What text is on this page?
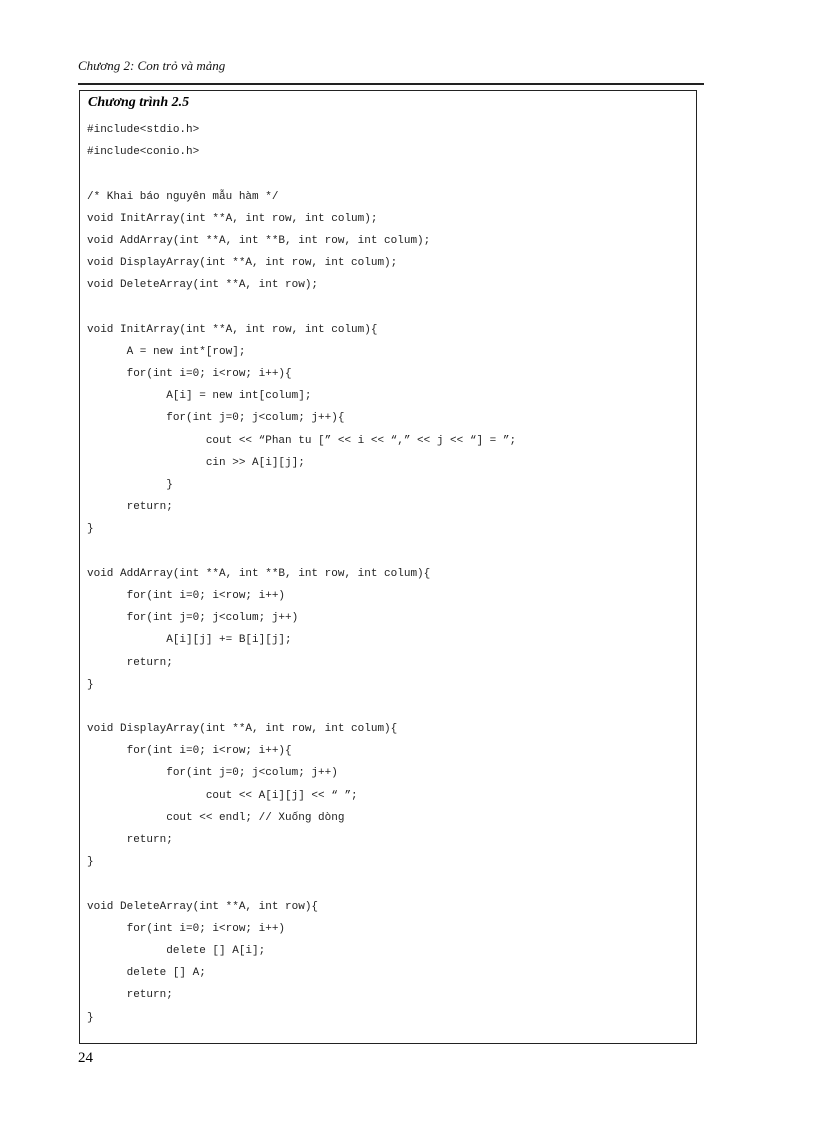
Chương 2: Con trỏ và mảng
Chương trình 2.5
#include<stdio.h>
#include<conio.h>
/* Khai báo nguyên mẫu hàm */
void InitArray(int **A, int row, int colum);
void AddArray(int **A, int **B, int row, int colum);
void DisplayArray(int **A, int row, int colum);
void DeleteArray(int **A, int row);
void InitArray(int **A, int row, int colum){
A = new int*[row];
for(int i=0; i<row; i++){
A[i] = new int[colum];
for(int j=0; j<colum; j++){
cout << “Phan tu [” << i << “,” << j << “] = ”;
cin >> A[i][j];
}
return;
}
void AddArray(int **A, int **B, int row, int colum){
for(int i=0; i<row; i++)
for(int j=0; j<colum; j++)
A[i][j] += B[i][j];
return;
}
void DisplayArray(int **A, int row, int colum){
for(int i=0; i<row; i++){
for(int j=0; j<colum; j++)
cout << A[i][j] << “ ”;
cout << endl; // Xuống dòng
return;
}
void DeleteArray(int **A, int row){
for(int i=0; i<row; i++)
delete [] A[i];
delete [] A;
return;
}
24
